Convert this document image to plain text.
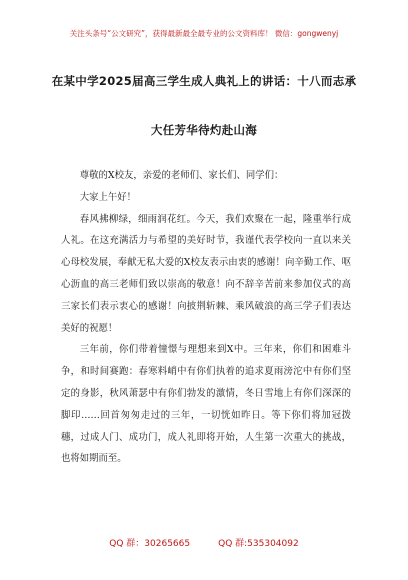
关注头条号“公文研究”，获得最新最全最专业的公文资料库！ 微信：gongwenyj
在某中学2025届高三学生成人典礼上的讲话：十八而志承
大任芳华待灼赴山海

尊敬的X校友，亲爱的老师们、家长们、同学们：

大家上午好！

春风拂柳绿，细雨润花红。今天，我们欢聚在一起，隆重举行成人礼。在这充满活力与希望的美好时节，我谨代表学校向一直以来关心母校发展，奉献无私大爱的X校友表示由衷的感谢！向辛勤工作、呕心沥血的高三老师们致以崇高的敬意！向不辞辛苦前来参加仪式的高三家长们表示衷心的感谢！向披荆斩棘、乘风破浪的高三学子们表达美好的祝愿！

三年前，你们带着憧憬与理想来到X中。三年来，你们和困难斗争，和时间赛跑：春寒料峭中有你们执着的追求夏雨滂沱中有你们坚定的身影，秋风萧瑟中有你们勃发的激情，冬日雪地上有你们深深的脚印……回首匆匆走过的三年，一切恍如昨日。等下你们将加冠拨穗，过成人门、成功门，成人礼即将开始，人生第一次重大的挑战，也将如期而至。

QQ 群：30265665	QQ 群:535304092
